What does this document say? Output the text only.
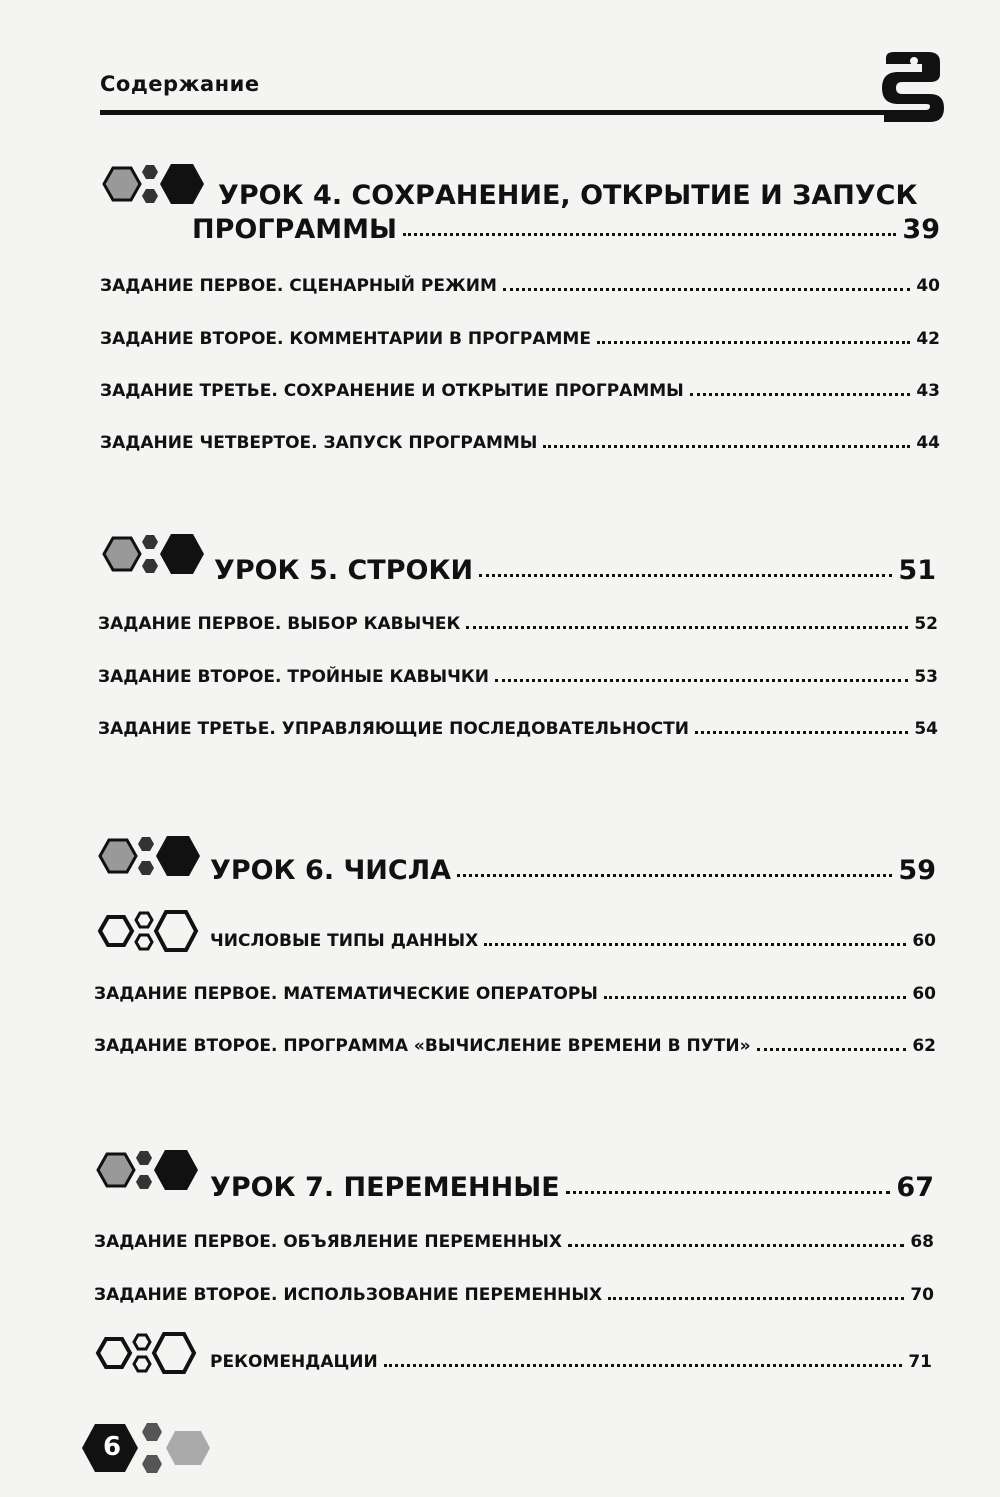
Содержание
УРОК 4. СОХРАНЕНИЕ, ОТКРЫТИЕ И ЗАПУСК
ПРОГРАММЫ	39
ЗАДАНИЕ ПЕРВОЕ. СЦЕНАРНЫЙ РЕЖИМ	40
ЗАДАНИЕ ВТОРОЕ. КОММЕНТАРИИ В ПРОГРАММЕ	42
ЗАДАНИЕ ТРЕТЬЕ. СОХРАНЕНИЕ И ОТКРЫТИЕ ПРОГРАММЫ	43
ЗАДАНИЕ ЧЕТВЕРТОЕ. ЗАПУСК ПРОГРАММЫ	44
УРОК 5. СТРОКИ	51
ЗАДАНИЕ ПЕРВОЕ. ВЫБОР КАВЫЧЕК	52
ЗАДАНИЕ ВТОРОЕ. ТРОЙНЫЕ КАВЫЧКИ	53
ЗАДАНИЕ ТРЕТЬЕ. УПРАВЛЯЮЩИЕ ПОСЛЕДОВАТЕЛЬНОСТИ	54
УРОК 6. ЧИСЛА	59
ЧИСЛОВЫЕ ТИПЫ ДАННЫХ	60
ЗАДАНИЕ ПЕРВОЕ. МАТЕМАТИЧЕСКИЕ ОПЕРАТОРЫ	60
ЗАДАНИЕ ВТОРОЕ. ПРОГРАММА «ВЫЧИСЛЕНИЕ ВРЕМЕНИ В ПУТИ»	62
УРОК 7. ПЕРЕМЕННЫЕ	67
ЗАДАНИЕ ПЕРВОЕ. ОБЪЯВЛЕНИЕ ПЕРЕМЕННЫХ	68
ЗАДАНИЕ ВТОРОЕ. ИСПОЛЬЗОВАНИЕ ПЕРЕМЕННЫХ	70
РЕКОМЕНДАЦИИ	71
6
